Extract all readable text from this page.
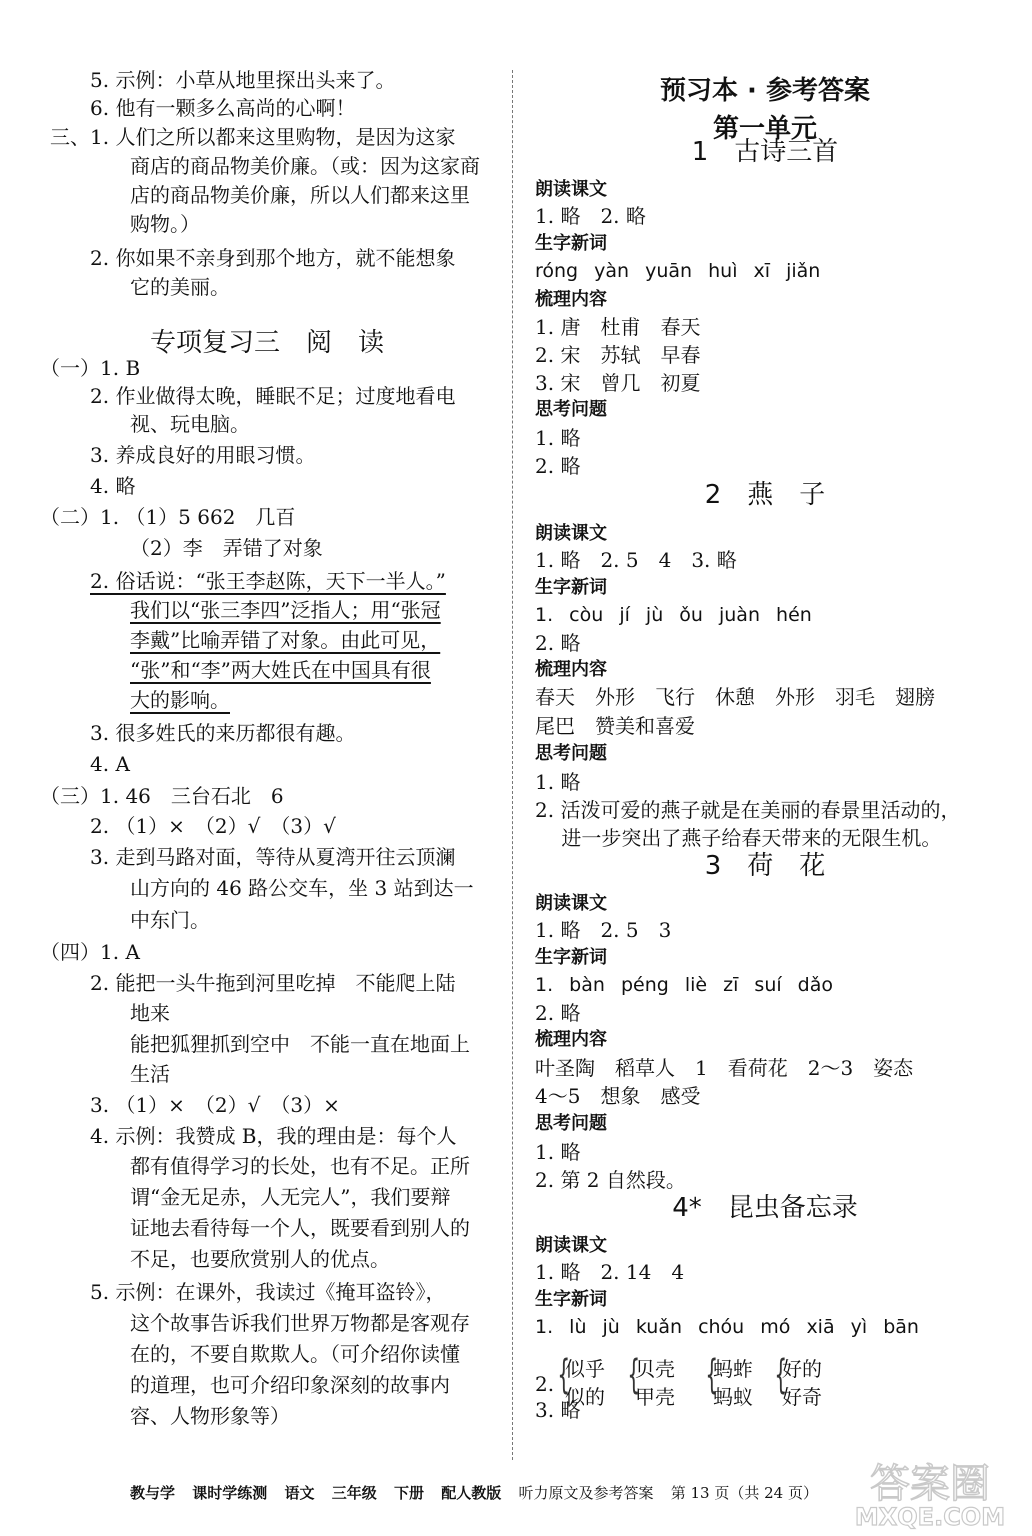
5. 示例：小草从地里探出头来了。
6. 他有一颗多么高尚的心啊！
三、1. 人们之所以都来这里购物，是因为这家
商店的商品物美价廉。（或：因为这家商
店的商品物美价廉，所以人们都来这里
购物。）
2. 你如果不亲身到那个地方，就不能想象
它的美丽。
（一）1. B
2. 作业做得太晚，睡眠不足；过度地看电
视、玩电脑。
3. 养成良好的用眼习惯。
4. 略
（二）1. （1）5 662　几百
（2）李　弄错了对象
2. 俗话说：“张王李赵陈，天下一半人。”
我们以“张三李四”泛指人；用“张冠
李戴”比喻弄错了对象。由此可见，
“张”和“李”两大姓氏在中国具有很
大的影响。
3. 很多姓氏的来历都很有趣。
4. A
（三）1. 46　三台石北　6
2. （1）×　（2）√　（3）√
3. 走到马路对面，等待从夏湾开往云顶澜
山方向的 46 路公交车，坐 3 站到达一
中东门。
（四）1. A
2. 能把一头牛拖到河里吃掉　不能爬上陆
地来
能把狐狸抓到空中　不能一直在地面上
生活
3. （1）×　（2）√　（3）×
4. 示例：我赞成 B，我的理由是：每个人
都有值得学习的长处，也有不足。正所
谓“金无足赤，人无完人”，我们要辩
证地去看待每一个人，既要看到别人的
不足，也要欣赏别人的优点。
5. 示例：在课外，我读过《掩耳盗铃》，
这个故事告诉我们世界万物都是客观存
在的，不要自欺欺人。（可介绍你读懂
的道理，也可介绍印象深刻的故事内
容、人物形象等）
专项复习三　阅　读
预习本 · 参考答案
第一单元
1　古诗三首
2　燕　子
3　荷　花
4*　昆虫备忘录
朗读课文
生字新词
梳理内容
思考问题
朗读课文
生字新词
梳理内容
思考问题
朗读课文
生字新词
梳理内容
思考问题
朗读课文
生字新词
1. 略　2. 略
róng yàn yuān huì xī jiǎn
1. 唐　杜甫　春天
2. 宋　苏轼　早春
3. 宋　曾几　初夏
1. 略
2. 略
1. 略　2. 5　4　3. 略
1. còu jí jù ǒu juàn hén
2. 略
春天　外形　飞行　休憩　外形　羽毛　翅膀
尾巴　赞美和喜爱
1. 略
2. 活泼可爱的燕子就是在美丽的春景里活动的，
　 进一步突出了燕子给春天带来的无限生机。
1. 略　2. 5　3
1. bàn péng liè zī suí dǎo
2. 略
叶圣陶　稻草人　1　看荷花　2～3　姿态
4～5　想象　感受
1. 略
2. 第 2 自然段。
1. 略　2. 14　4
1. lù jù kuǎn chóu mó xiā yì bān
3. 略
2. {
似乎
似的 {
贝壳
甲壳 {
蚂蚱
蚂蚁 {
好的
好奇
教与学 课时学练测 语文 三年级 下册 配人教版 听力原文及参考答案 第 13 页（共 24 页）	答案圈
MXQE.COM
